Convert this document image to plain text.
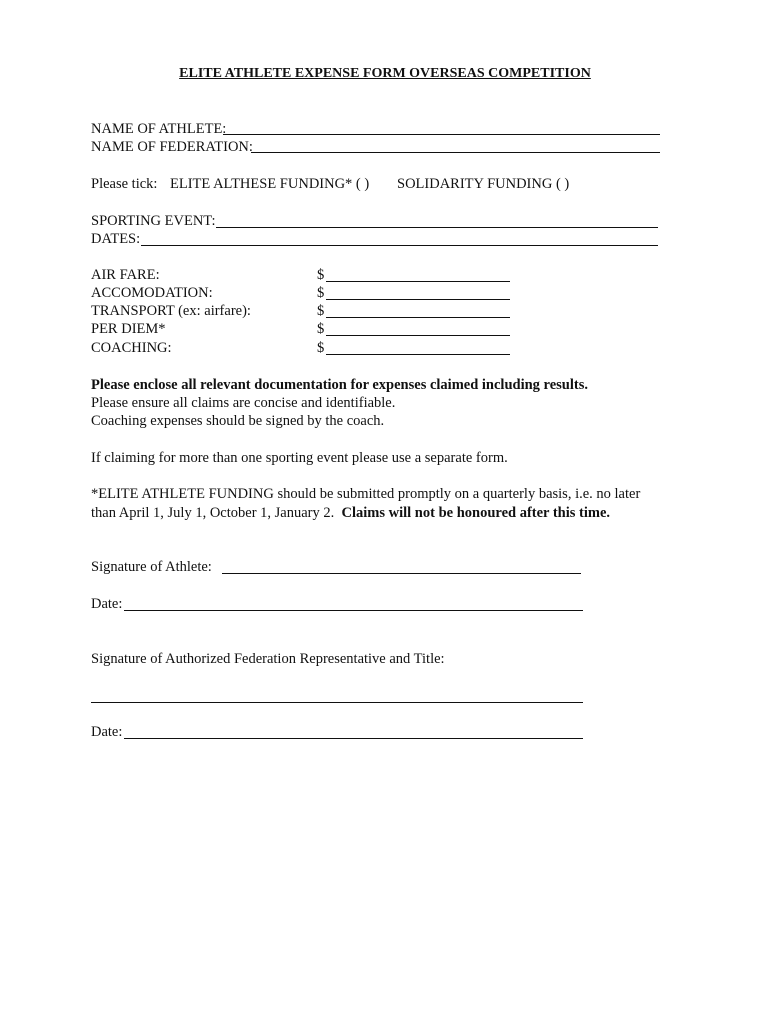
ELITE ATHLETE EXPENSE FORM OVERSEAS COMPETITION
NAME OF ATHLETE:
NAME OF FEDERATION:
Please tick: ELITE ALTHESE FUNDING* ( ) SOLIDARITY FUNDING ( )
SPORTING EVENT:
DATES:
AIR FARE:	$
ACCOMODATION:	$
TRANSPORT (ex: airfare):	$
PER DIEM*	$
COACHING:	$
Please enclose all relevant documentation for expenses claimed including results.
Please ensure all claims are concise and identifiable.
Coaching expenses should be signed by the coach.
If claiming for more than one sporting event please use a separate form.
*ELITE ATHLETE FUNDING should be submitted promptly on a quarterly basis, i.e. no later
than April 1, July 1, October 1, January 2. Claims will not be honoured after this time.
Signature of Athlete:
Date:
Signature of Authorized Federation Representative and Title:
Date:
